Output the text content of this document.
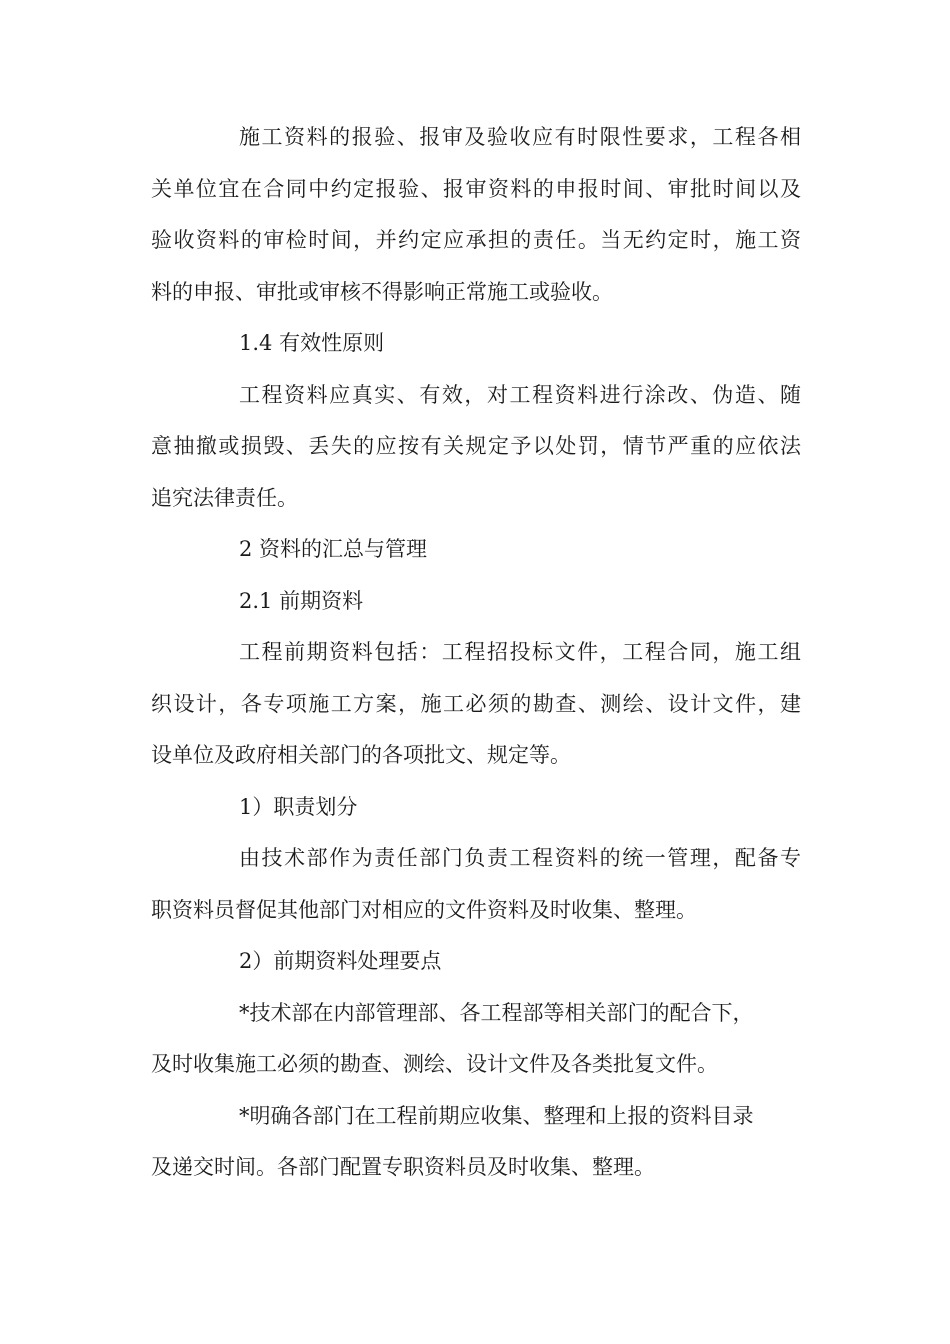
施工资料的报验、报审及验收应有时限性要求，工程各相
关单位宜在合同中约定报验、报审资料的申报时间、审批时间以及
验收资料的审检时间，并约定应承担的责任。当无约定时，施工资
料的申报、审批或审核不得影响正常施工或验收。
1.4 有效性原则
工程资料应真实、有效，对工程资料进行涂改、伪造、随
意抽撤或损毁、丢失的应按有关规定予以处罚，情节严重的应依法
追究法律责任。
2 资料的汇总与管理
2.1 前期资料
工程前期资料包括：工程招投标文件，工程合同，施工组
织设计，各专项施工方案，施工必须的勘查、测绘、设计文件，建
设单位及政府相关部门的各项批文、规定等。
1）职责划分
由技术部作为责任部门负责工程资料的统一管理，配备专
职资料员督促其他部门对相应的文件资料及时收集、整理。
2）前期资料处理要点
*技术部在内部管理部、各工程部等相关部门的配合下，
及时收集施工必须的勘查、测绘、设计文件及各类批复文件。
*明确各部门在工程前期应收集、整理和上报的资料目录
及递交时间。各部门配置专职资料员及时收集、整理。
